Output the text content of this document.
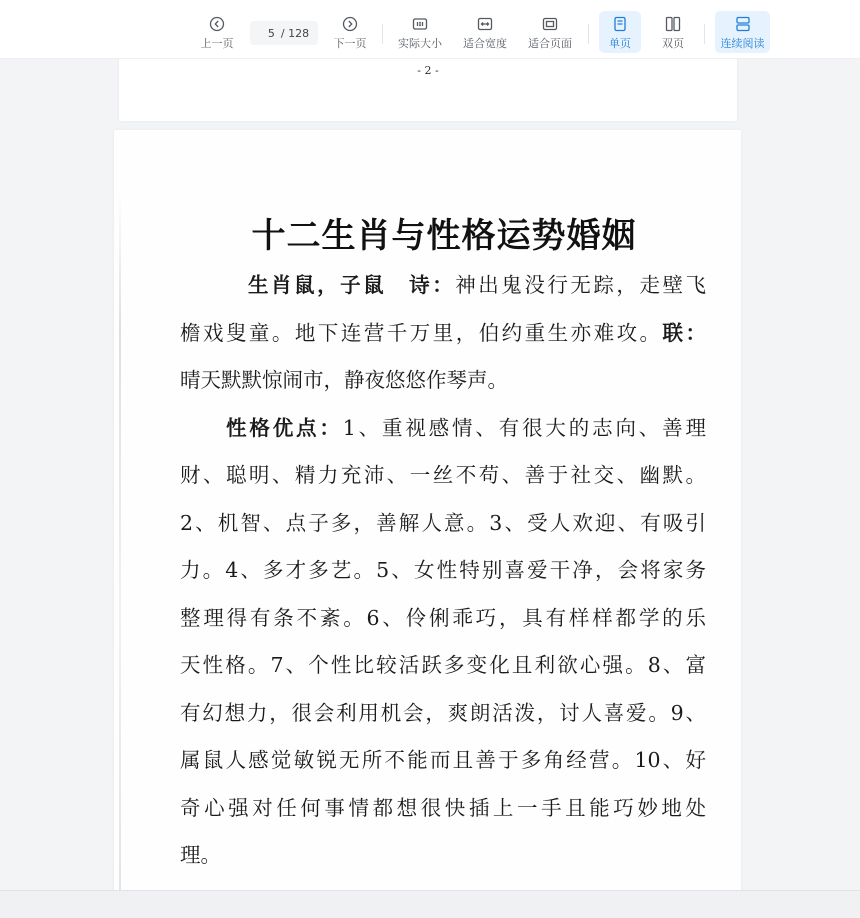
上一页
5
/ 128
下一页	实际大小 适合宽度 适合页面	单页	双页	连续阅读
- 2 -
十二生肖与性格运势婚姻
生肖鼠，子鼠　诗：神出鬼没行无踪，走壁飞
檐戏叟童。地下连营千万里，伯约重生亦难攻。联：
晴天默默惊闹市，静夜悠悠作琴声。
性格优点：1、重视感情、有很大的志向、善理
财、聪明、精力充沛、一丝不苟、善于社交、幽默。
2、机智、点子多，善解人意。3、受人欢迎、有吸引
力。4、多才多艺。5、女性特别喜爱干净，会将家务
整理得有条不紊。6、伶俐乖巧，具有样样都学的乐
天性格。7、个性比较活跃多变化且利欲心强。8、富
有幻想力，很会利用机会，爽朗活泼，讨人喜爱。9、
属鼠人感觉敏锐无所不能而且善于多角经营。10、好
奇心强对任何事情都想很快插上一手且能巧妙地处
理。
